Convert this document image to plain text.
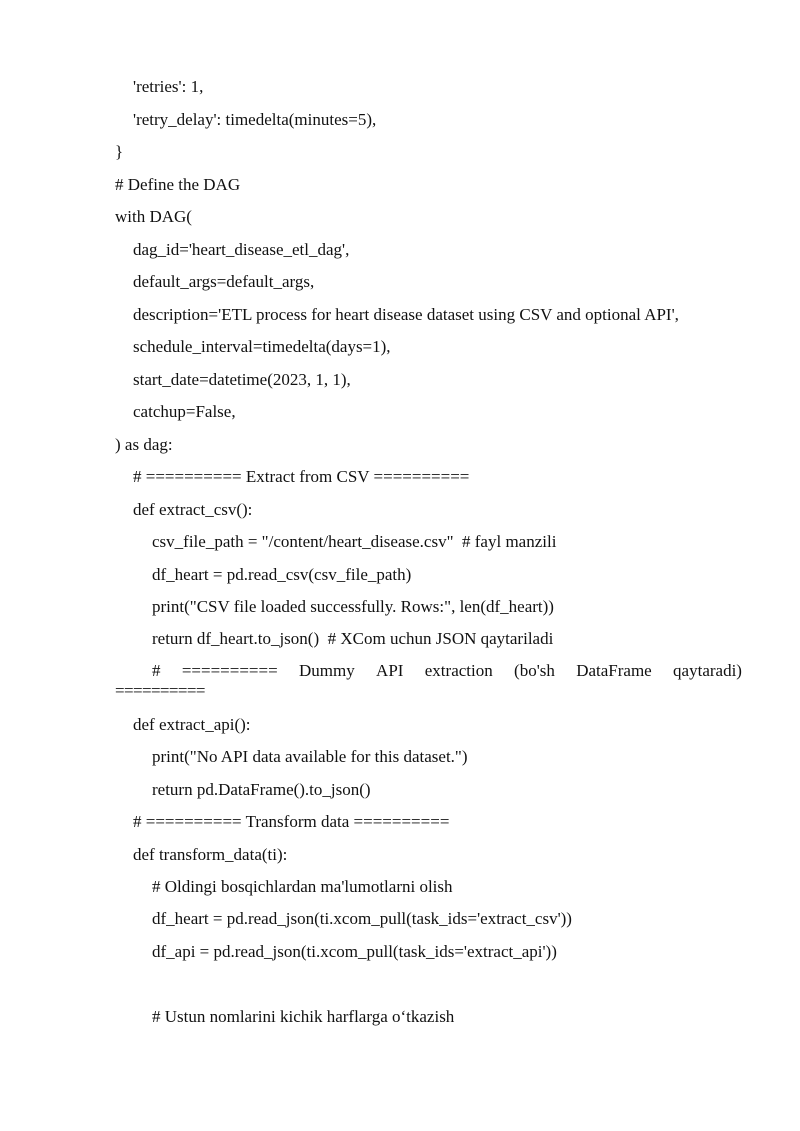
'retries': 1,
'retry_delay': timedelta(minutes=5),
}
# Define the DAG
with DAG(
dag_id='heart_disease_etl_dag',
default_args=default_args,
description='ETL process for heart disease dataset using CSV and optional API',
schedule_interval=timedelta(days=1),
start_date=datetime(2023, 1, 1),
catchup=False,
) as dag:
# ========== Extract from CSV ==========
def extract_csv():
csv_file_path = "/content/heart_disease.csv"  # fayl manzili
df_heart = pd.read_csv(csv_file_path)
print("CSV file loaded successfully. Rows:", len(df_heart))
return df_heart.to_json()  # XCom uchun JSON qaytariladi
# ========== Dummy API extraction (bo'sh DataFrame qaytaradi)
==========
def extract_api():
print("No API data available for this dataset.")
return pd.DataFrame().to_json()
# ========== Transform data ==========
def transform_data(ti):
# Oldingi bosqichlardan ma'lumotlarni olish
df_heart = pd.read_json(ti.xcom_pull(task_ids='extract_csv'))
df_api = pd.read_json(ti.xcom_pull(task_ids='extract_api'))
# Ustun nomlarini kichik harflarga o‘tkazish
